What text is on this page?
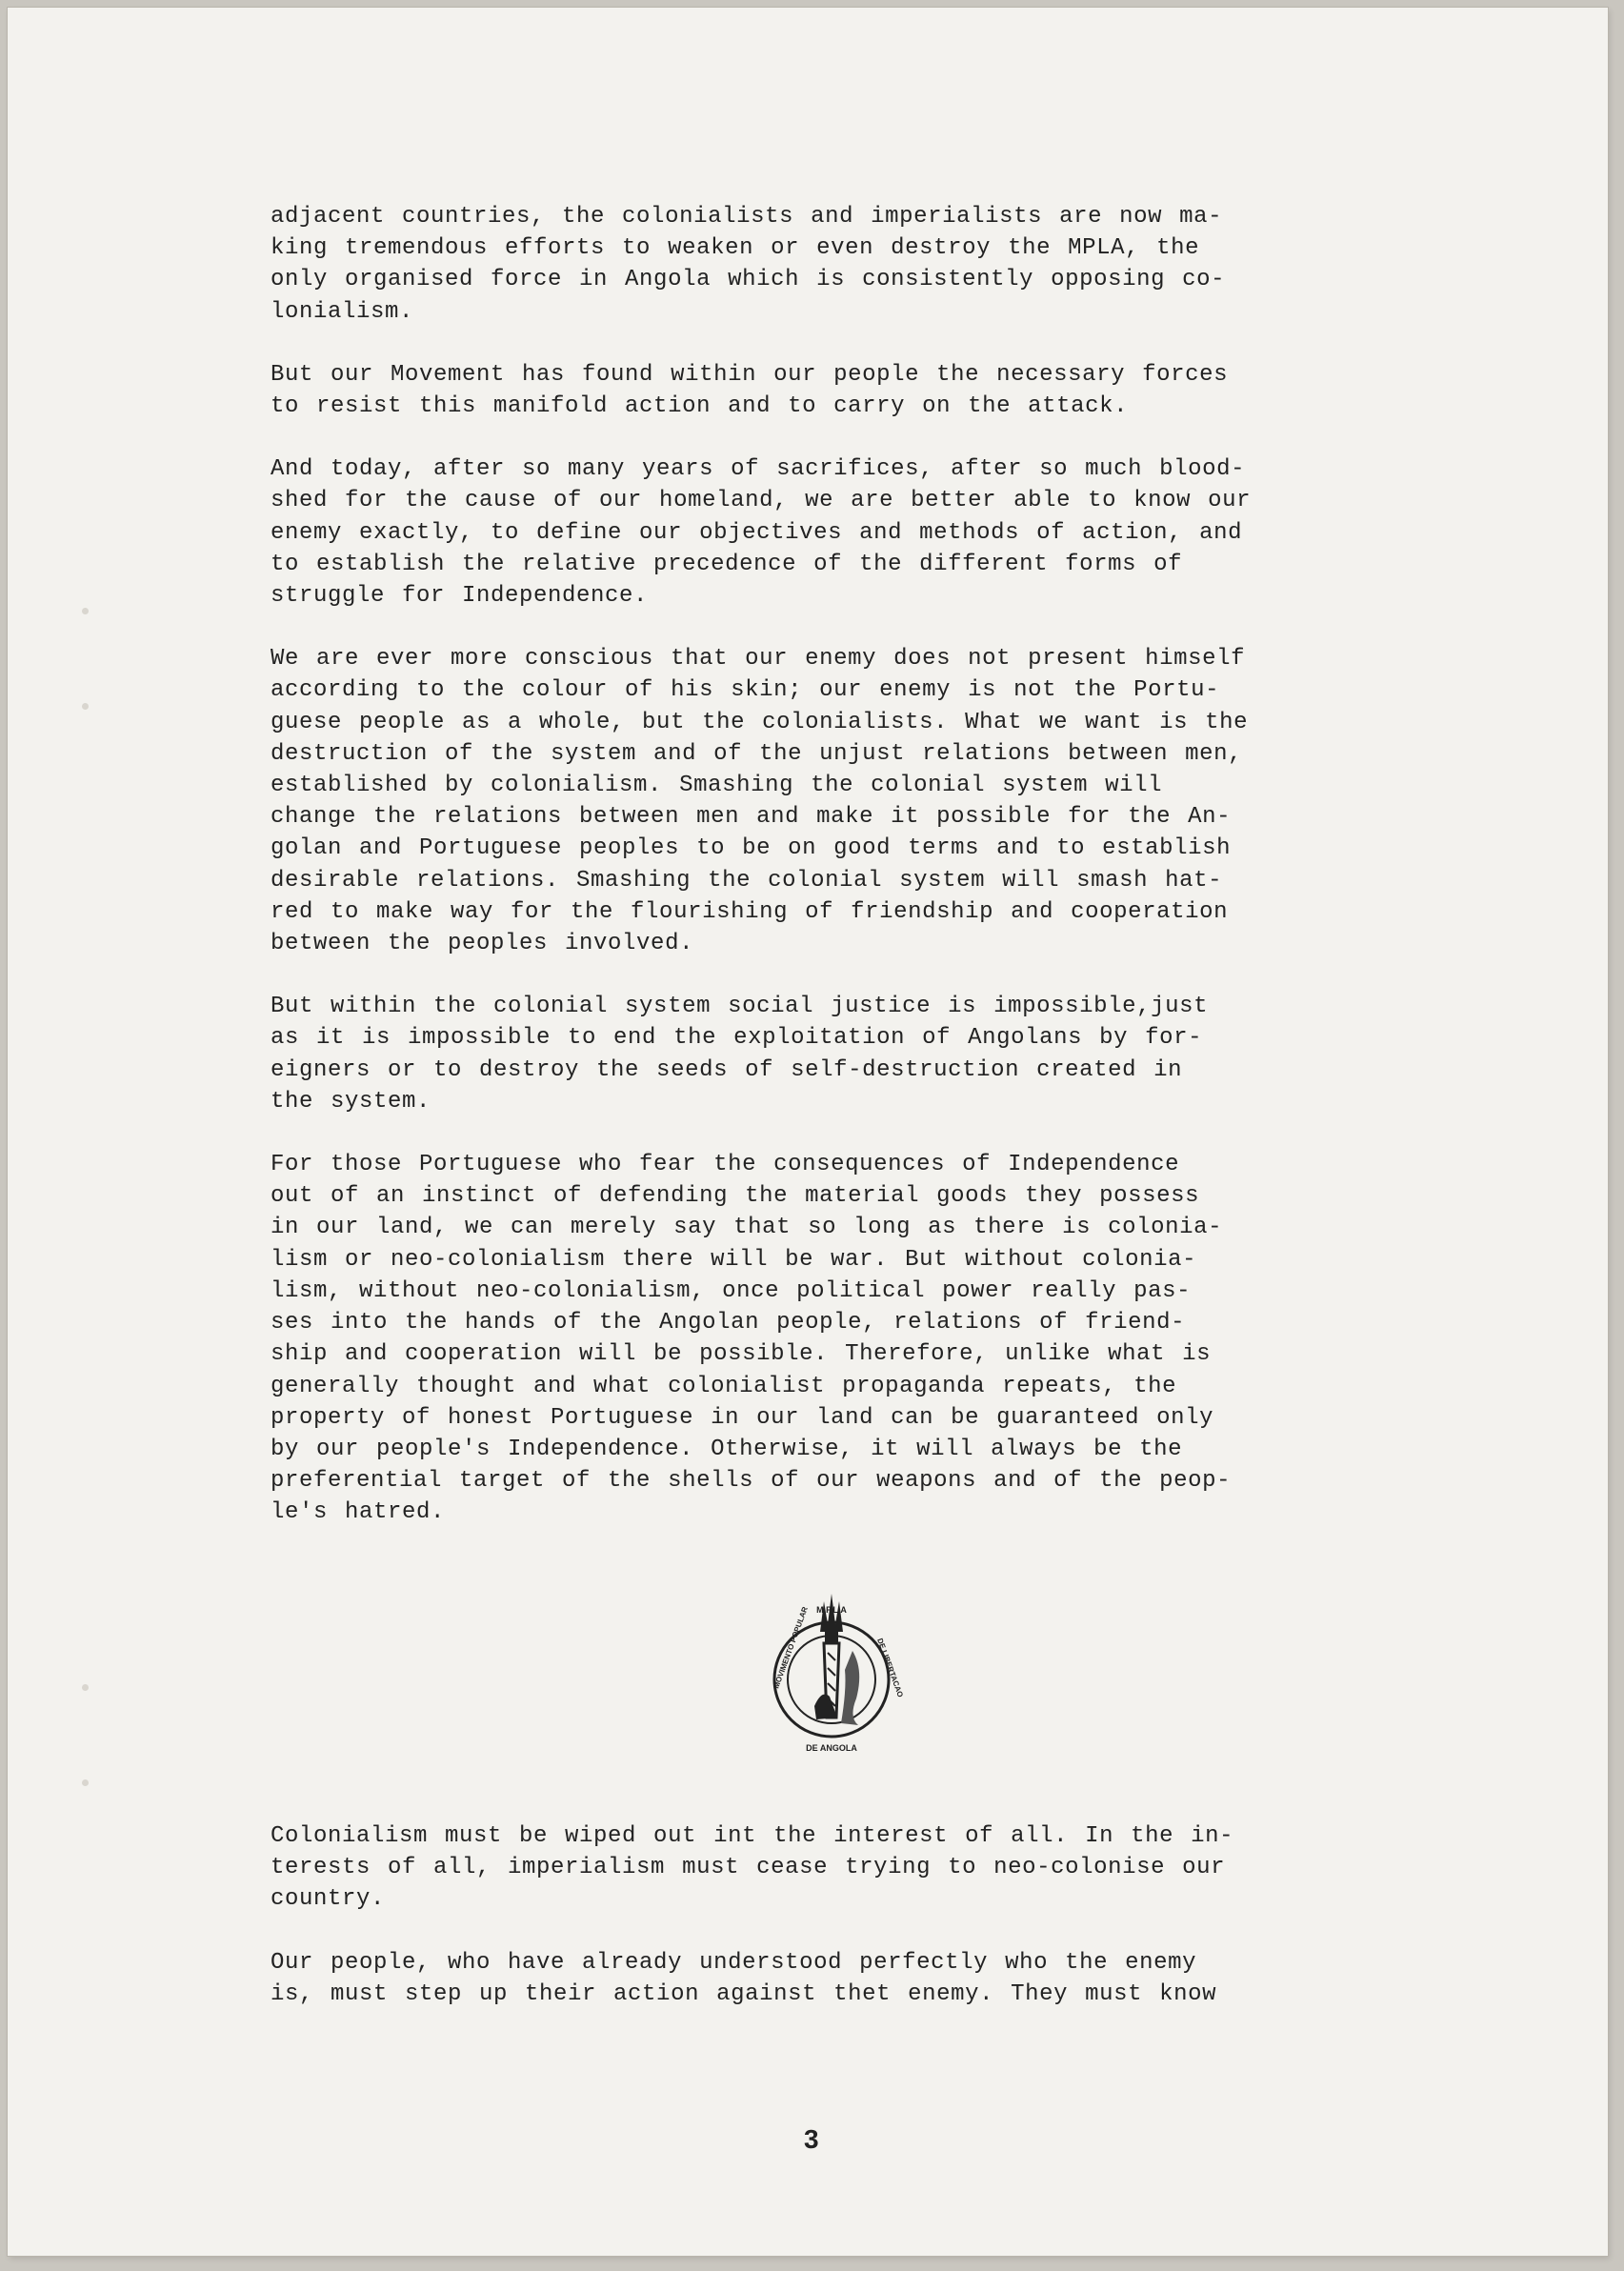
adjacent countries, the colonialists and imperialists are now ma-
king tremendous efforts to weaken or even destroy the MPLA, the
only organised force in Angola which is consistently opposing co-
lonialism.

But our Movement has found within our people the necessary forces
to resist this manifold action and to carry on the attack.

And today, after so many years of sacrifices, after so much blood-
shed for the cause of our homeland, we are better able to know our
enemy exactly, to define our objectives and methods of action, and
to establish the relative precedence of the different forms of
struggle for Independence.

We are ever more conscious that our enemy does not present himself
according to the colour of his skin; our enemy is not the Portu-
guese people as a whole, but the colonialists. What we want is the
destruction of the system and of the unjust relations between men,
established by colonialism. Smashing the colonial system will
change the relations between men and make it possible for the An-
golan and Portuguese peoples to be on good terms and to establish
desirable relations. Smashing the colonial system will smash hat-
red to make way for the flourishing of friendship and cooperation
between the peoples involved.

But within the colonial system social justice is impossible,just
as it is impossible to end the exploitation of Angolans by for-
eigners or to destroy the seeds of self-destruction created in
the system.

For those Portuguese who fear the consequences of Independence
out of an instinct of defending the material goods they possess
in our land, we can merely say that so long as there is colonia-
lism or neo-colonialism there will be war. But without colonia-
lism, without neo-colonialism, once political power really pas-
ses into the hands of the Angolan people, relations of friend-
ship and cooperation will be possible. Therefore, unlike what is
generally thought and what colonialist propaganda repeats, the
property of honest Portuguese in our land can be guaranteed only
by our people's Independence. Otherwise, it will always be the
preferential target of the shells of our weapons and of the peop-
le's hatred.

DE ANGOLA
M.P.L.A
MOVIMENTO POPULAR	DE LIBERTACAO

Colonialism must be wiped out int the interest of all. In the in-
terests of all, imperialism must cease trying to neo-colonise our
country.

Our people, who have already understood perfectly who the enemy
is, must step up their action against thet enemy. They must know

3
